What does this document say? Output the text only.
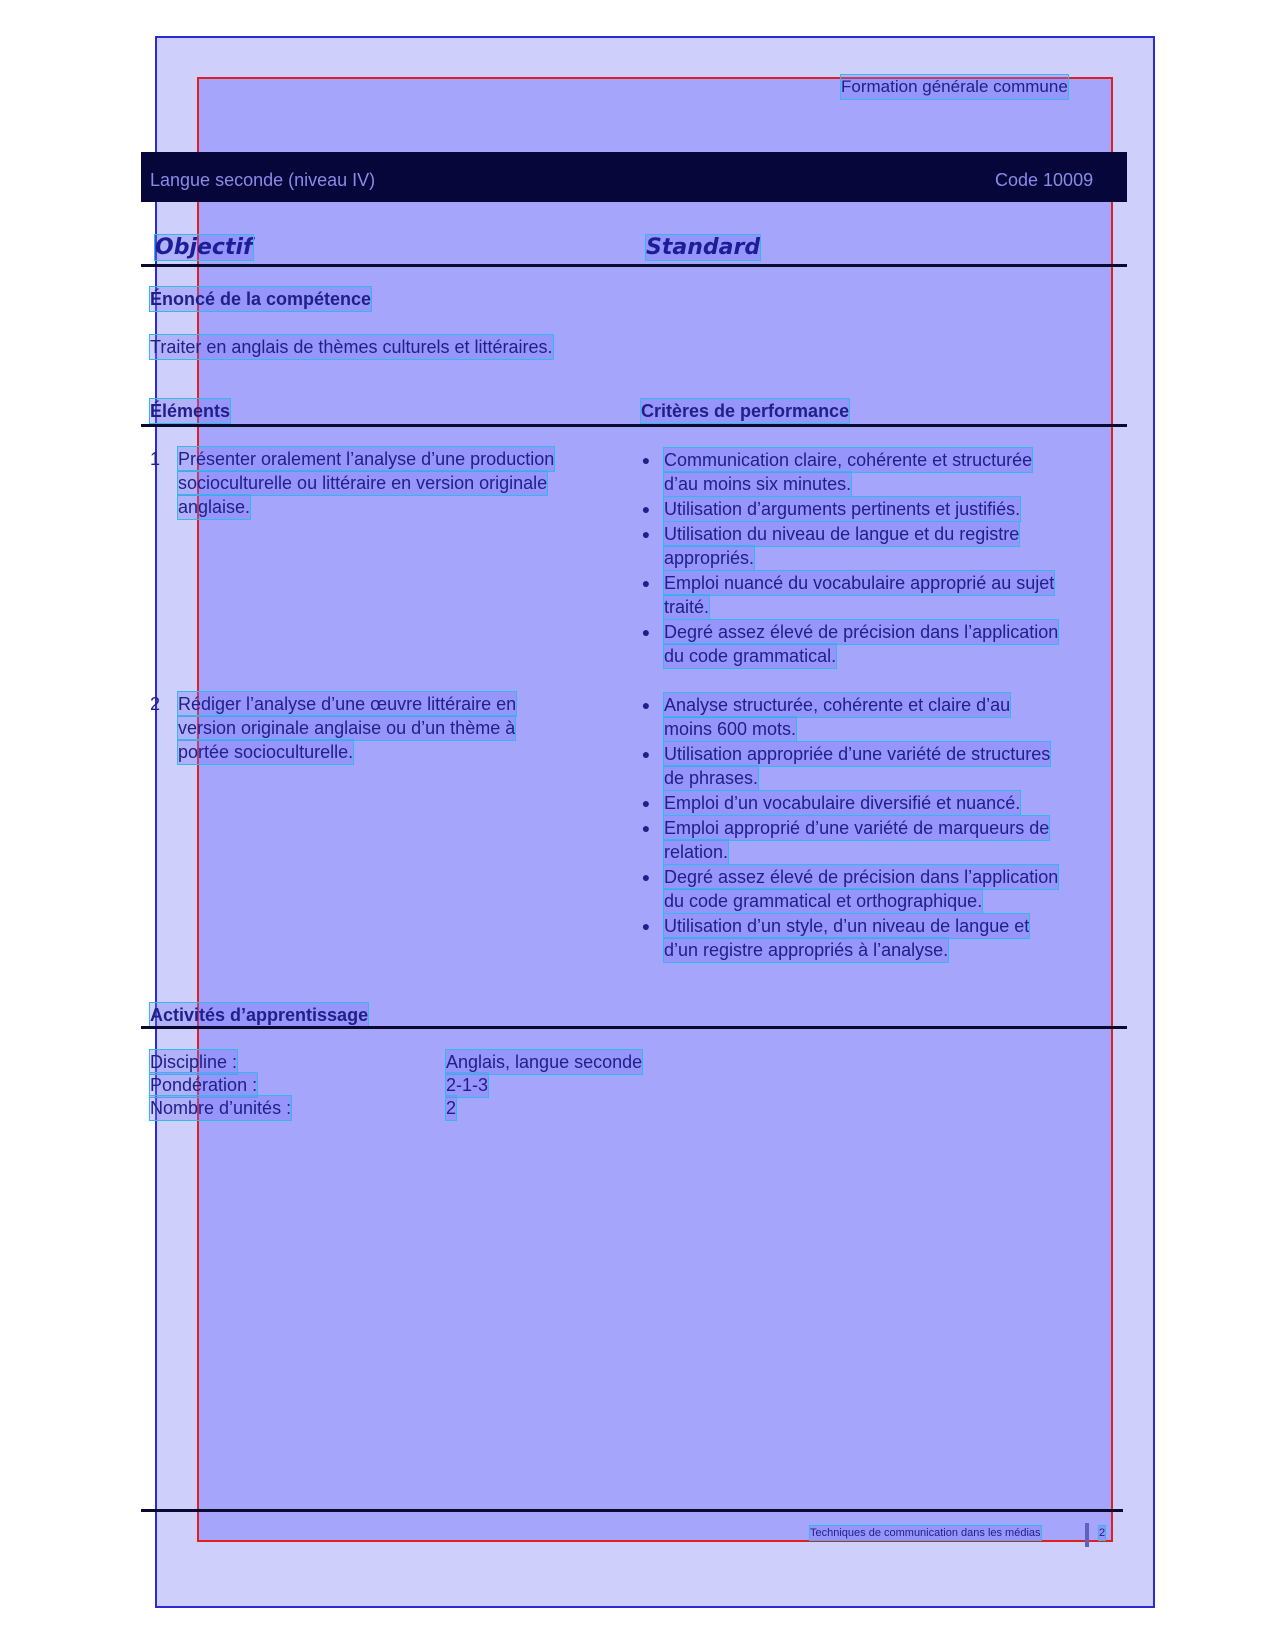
Formation générale commune
Langue seconde (niveau IV)	Code 10009
Objectif	Standard
Énoncé de la compétence
Traiter en anglais de thèmes culturels et littéraires.
Éléments	Critères de performance
1 Présenter oralement l’analyse d’une production
socioculturelle ou littéraire en version originale
anglaise.
● Communication claire, cohérente et structurée
d’au moins six minutes.
● Utilisation d’arguments pertinents et justifiés.
● Utilisation du niveau de langue et du registre
appropriés.
● Emploi nuancé du vocabulaire approprié au sujet
traité.
● Degré assez élevé de précision dans l’application
du code grammatical.
2 Rédiger l’analyse d’une œuvre littéraire en
version originale anglaise ou d’un thème à
portée socioculturelle.
● Analyse structurée, cohérente et claire d’au
moins 600 mots.
● Utilisation appropriée d’une variété de structures
de phrases.
● Emploi d’un vocabulaire diversifié et nuancé.
● Emploi approprié d’une variété de marqueurs de
relation.
● Degré assez élevé de précision dans l’application
du code grammatical et orthographique.
● Utilisation d’un style, d’un niveau de langue et
d’un registre appropriés à l’analyse.
Activités d’apprentissage
Discipline :	Anglais, langue seconde
Pondération :	2-1-3
Nombre d’unités :	2
Techniques de communication dans les médias	2
